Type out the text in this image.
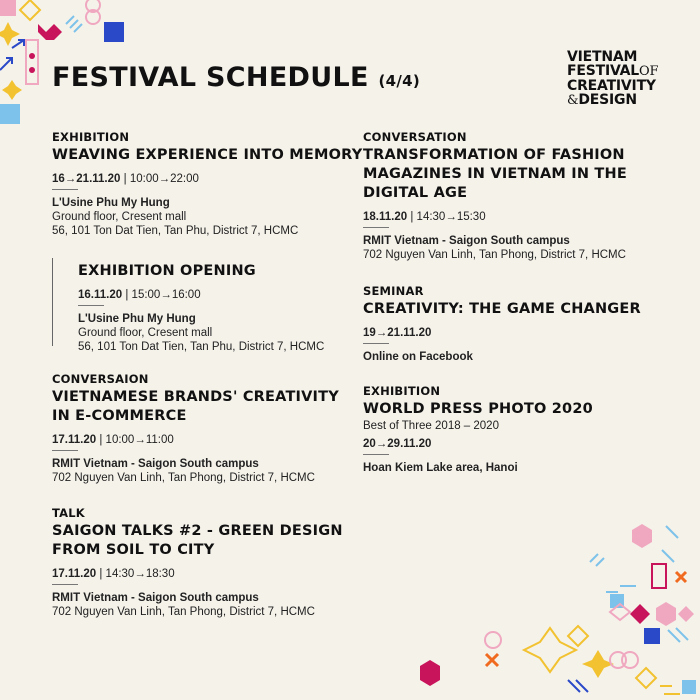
FESTIVAL SCHEDULE (4/4)
VIETNAM
FESTIVALOF
CREATIVITY
&DESIGN
EXHIBITION
WEAVING EXPERIENCE INTO MEMORY
16→21.11.20 | 10:00→22:00
L'Usine Phu My Hung
Ground floor, Cresent mall
56, 101 Ton Dat Tien, Tan Phu, District 7, HCMC
EXHIBITION OPENING
16.11.20 | 15:00→16:00
L'Usine Phu My Hung
Ground floor, Cresent mall
56, 101 Ton Dat Tien, Tan Phu, District 7, HCMC
CONVERSAION
VIETNAMESE BRANDS' CREATIVITY
IN E-COMMERCE
17.11.20 | 10:00→11:00
RMIT Vietnam - Saigon South campus
702 Nguyen Van Linh, Tan Phong, District 7, HCMC
TALK
SAIGON TALKS #2 - GREEN DESIGN
FROM SOIL TO CITY
17.11.20 | 14:30→18:30
RMIT Vietnam - Saigon South campus
702 Nguyen Van Linh, Tan Phong, District 7, HCMC
CONVERSATION
TRANSFORMATION OF FASHION
MAGAZINES IN VIETNAM IN THE
DIGITAL AGE
18.11.20 | 14:30→15:30
RMIT Vietnam - Saigon South campus
702 Nguyen Van Linh, Tan Phong, District 7, HCMC
SEMINAR
CREATIVITY: THE GAME CHANGER
19→21.11.20
Online on Facebook
EXHIBITION
WORLD PRESS PHOTO 2020
Best of Three 2018 – 2020
20→29.11.20
Hoan Kiem Lake area, Hanoi
